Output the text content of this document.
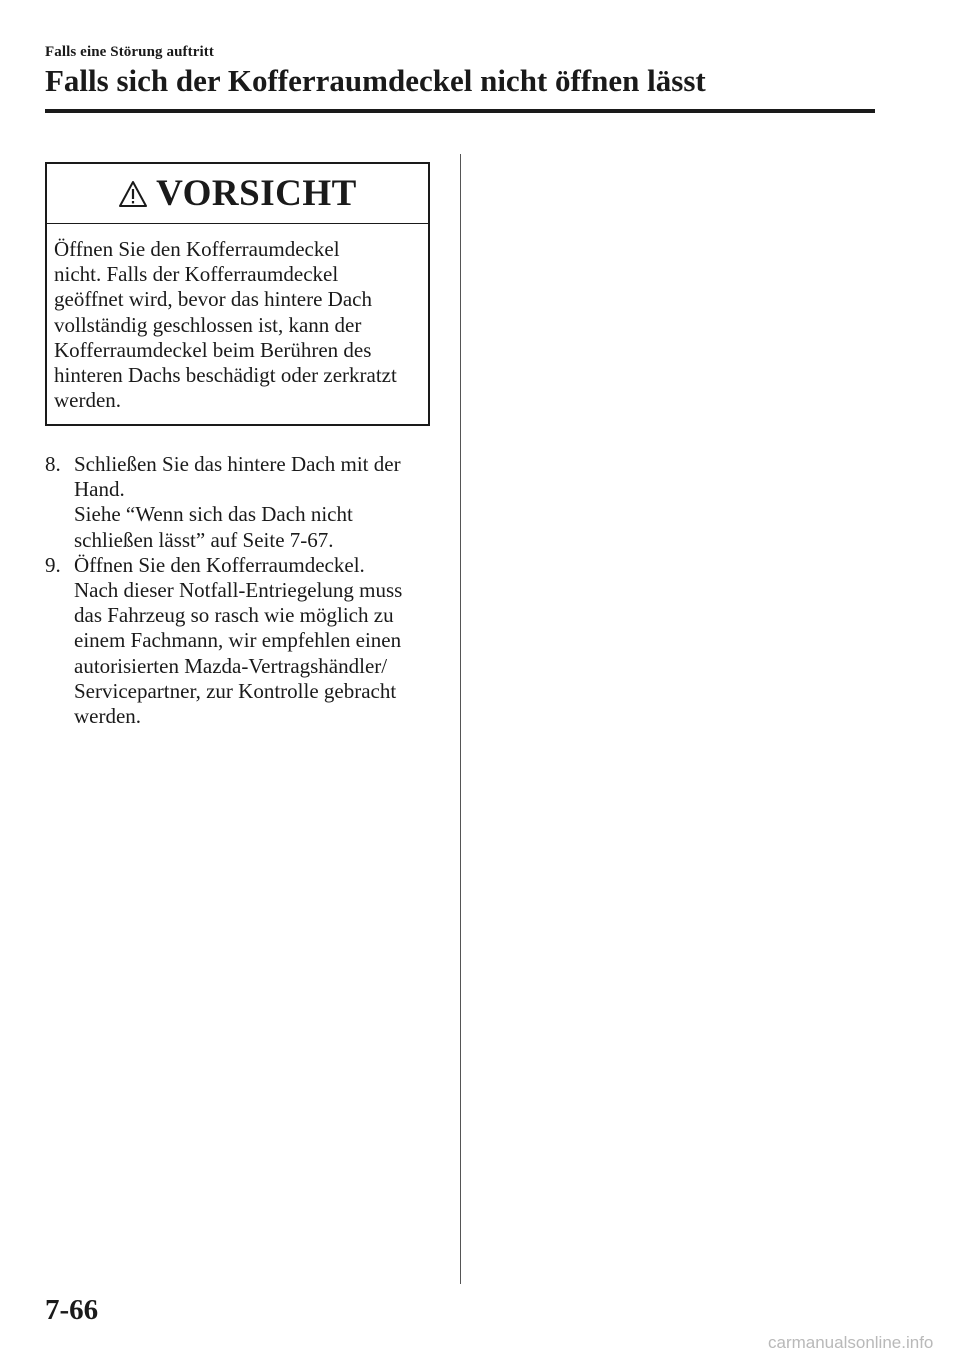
Falls eine Störung auftritt
Falls sich der Kofferraumdeckel nicht öffnen lässt
VORSICHT
Öffnen Sie den Kofferraumdeckel
nicht. Falls der Kofferraumdeckel
geöffnet wird, bevor das hintere Dach
vollständig geschlossen ist, kann der
Kofferraumdeckel beim Berühren des
hinteren Dachs beschädigt oder zerkratzt
werden.
8. Schließen Sie das hintere Dach mit der
Hand.
Siehe “Wenn sich das Dach nicht
schließen lässt” auf Seite 7-67.
9. Öffnen Sie den Kofferraumdeckel.
Nach dieser Notfall-Entriegelung muss
das Fahrzeug so rasch wie möglich zu
einem Fachmann, wir empfehlen einen
autorisierten Mazda-Vertragshändler/
Servicepartner, zur Kontrolle gebracht
werden.
7-66
carmanualsonline.info
